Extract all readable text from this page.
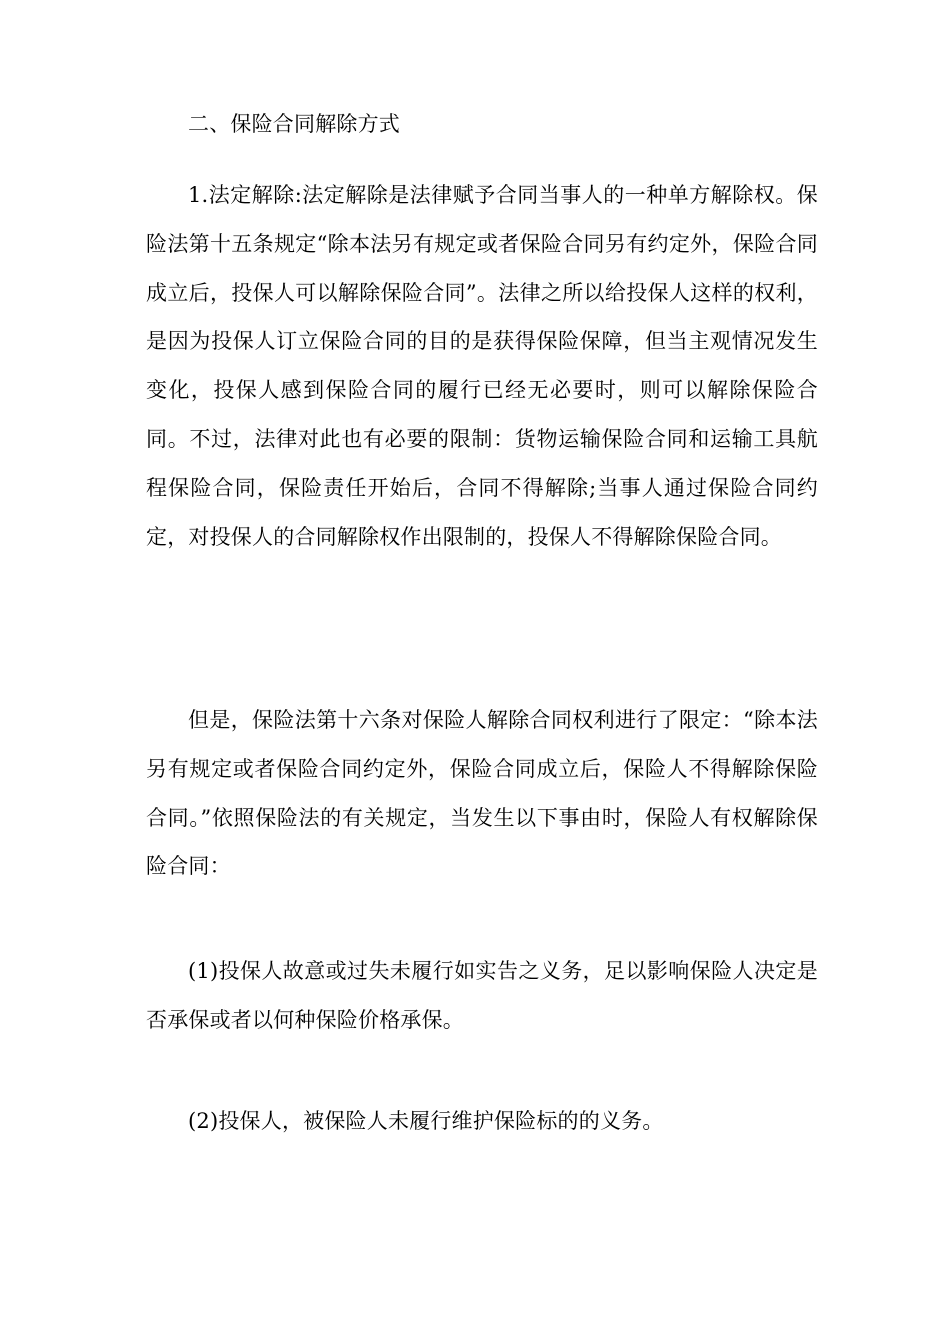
二、保险合同解除方式

1.法定解除:法定解除是法律赋予合同当事人的一种单方解除权。保险法第十五条规定“除本法另有规定或者保险合同另有约定外，保险合同成立后，投保人可以解除保险合同”。法律之所以给投保人这样的权利，是因为投保人订立保险合同的目的是获得保险保障，但当主观情况发生变化，投保人感到保险合同的履行已经无必要时，则可以解除保险合同。不过，法律对此也有必要的限制：货物运输保险合同和运输工具航程保险合同，保险责任开始后，合同不得解除;当事人通过保险合同约定，对投保人的合同解除权作出限制的，投保人不得解除保险合同。

但是，保险法第十六条对保险人解除合同权利进行了限定：“除本法另有规定或者保险合同约定外，保险合同成立后，保险人不得解除保险合同。”依照保险法的有关规定，当发生以下事由时，保险人有权解除保险合同：

(1)投保人故意或过失未履行如实告之义务，足以影响保险人决定是否承保或者以何种保险价格承保。

(2)投保人，被保险人未履行维护保险标的的义务。
